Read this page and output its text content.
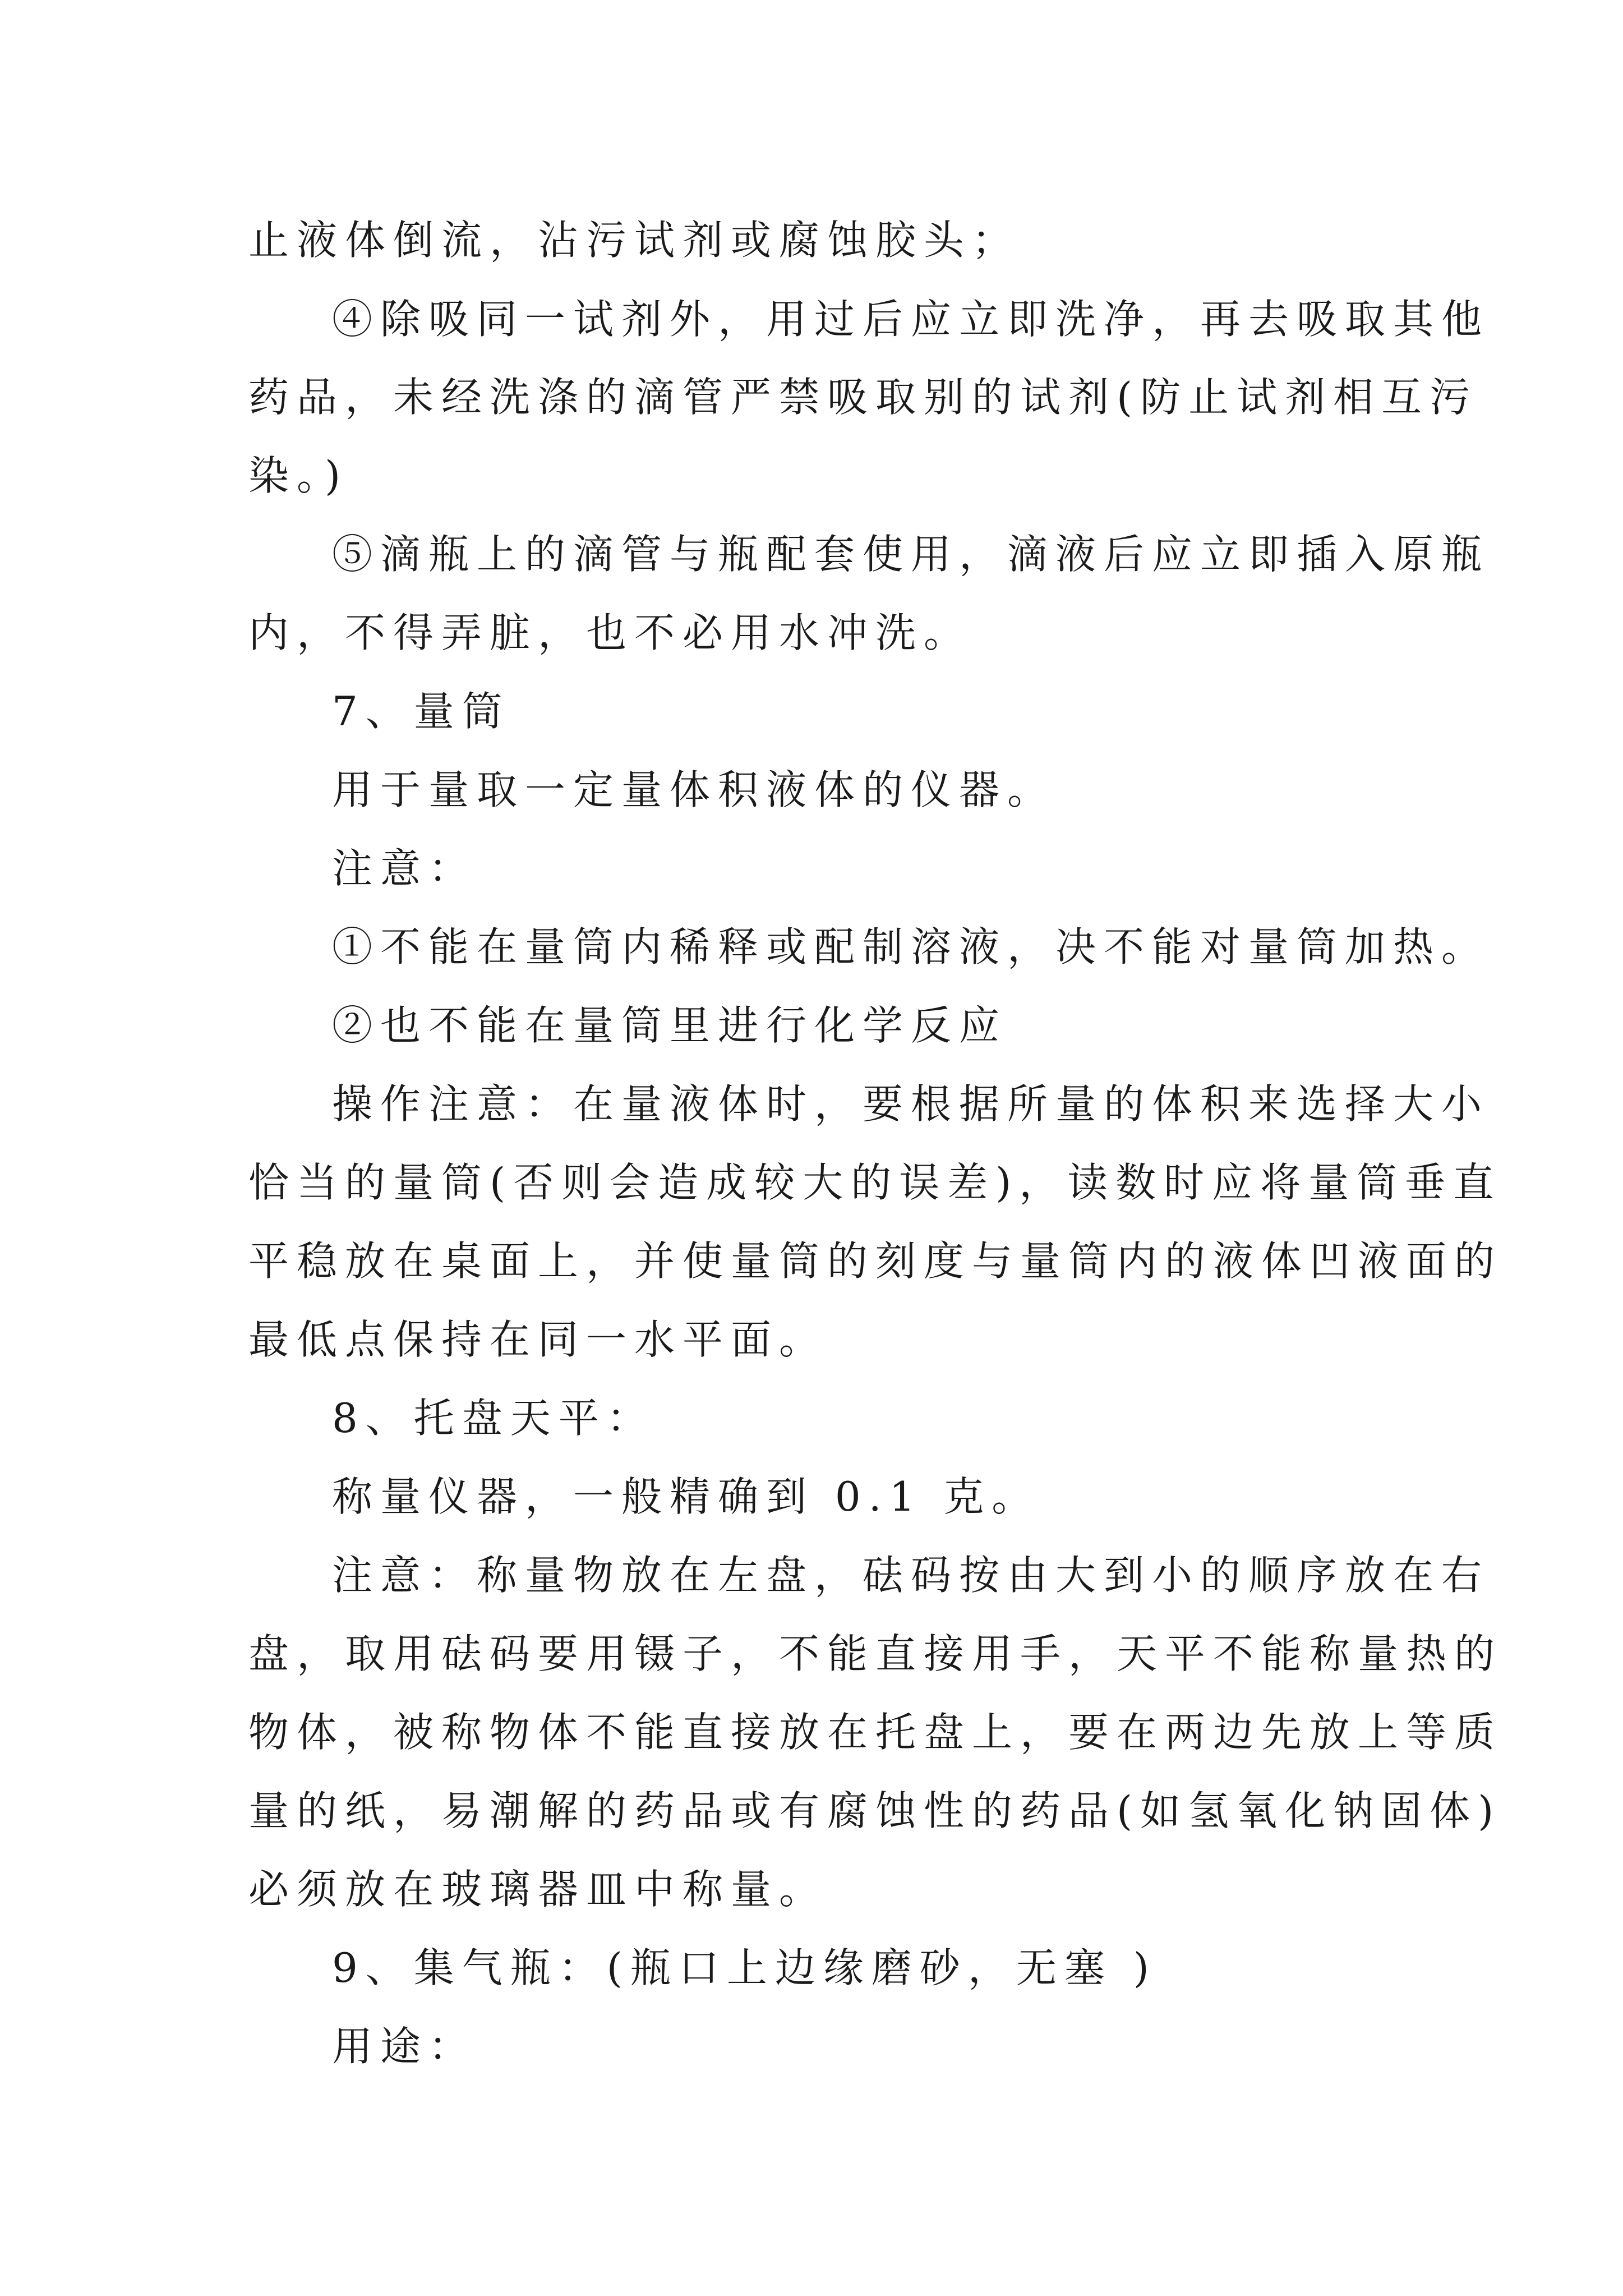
止液体倒流，沾污试剂或腐蚀胶头；
④除吸同一试剂外，用过后应立即洗净，再去吸取其他
药品，未经洗涤的滴管严禁吸取别的试剂(防止试剂相互污
染。)
⑤滴瓶上的滴管与瓶配套使用，滴液后应立即插入原瓶
内，不得弄脏，也不必用水冲洗。
7、量筒
用于量取一定量体积液体的仪器。
注意：
①不能在量筒内稀释或配制溶液，决不能对量筒加热。
②也不能在量筒里进行化学反应
操作注意：在量液体时，要根据所量的体积来选择大小
恰当的量筒(否则会造成较大的误差)，读数时应将量筒垂直
平稳放在桌面上，并使量筒的刻度与量筒内的液体凹液面的
最低点保持在同一水平面。
8、托盘天平：
称量仪器，一般精确到 0.1 克。
注意：称量物放在左盘，砝码按由大到小的顺序放在右
盘，取用砝码要用镊子，不能直接用手，天平不能称量热的
物体，被称物体不能直接放在托盘上，要在两边先放上等质
量的纸，易潮解的药品或有腐蚀性的药品(如氢氧化钠固体)
必须放在玻璃器皿中称量。
9、集气瓶：(瓶口上边缘磨砂，无塞 )
用途：
